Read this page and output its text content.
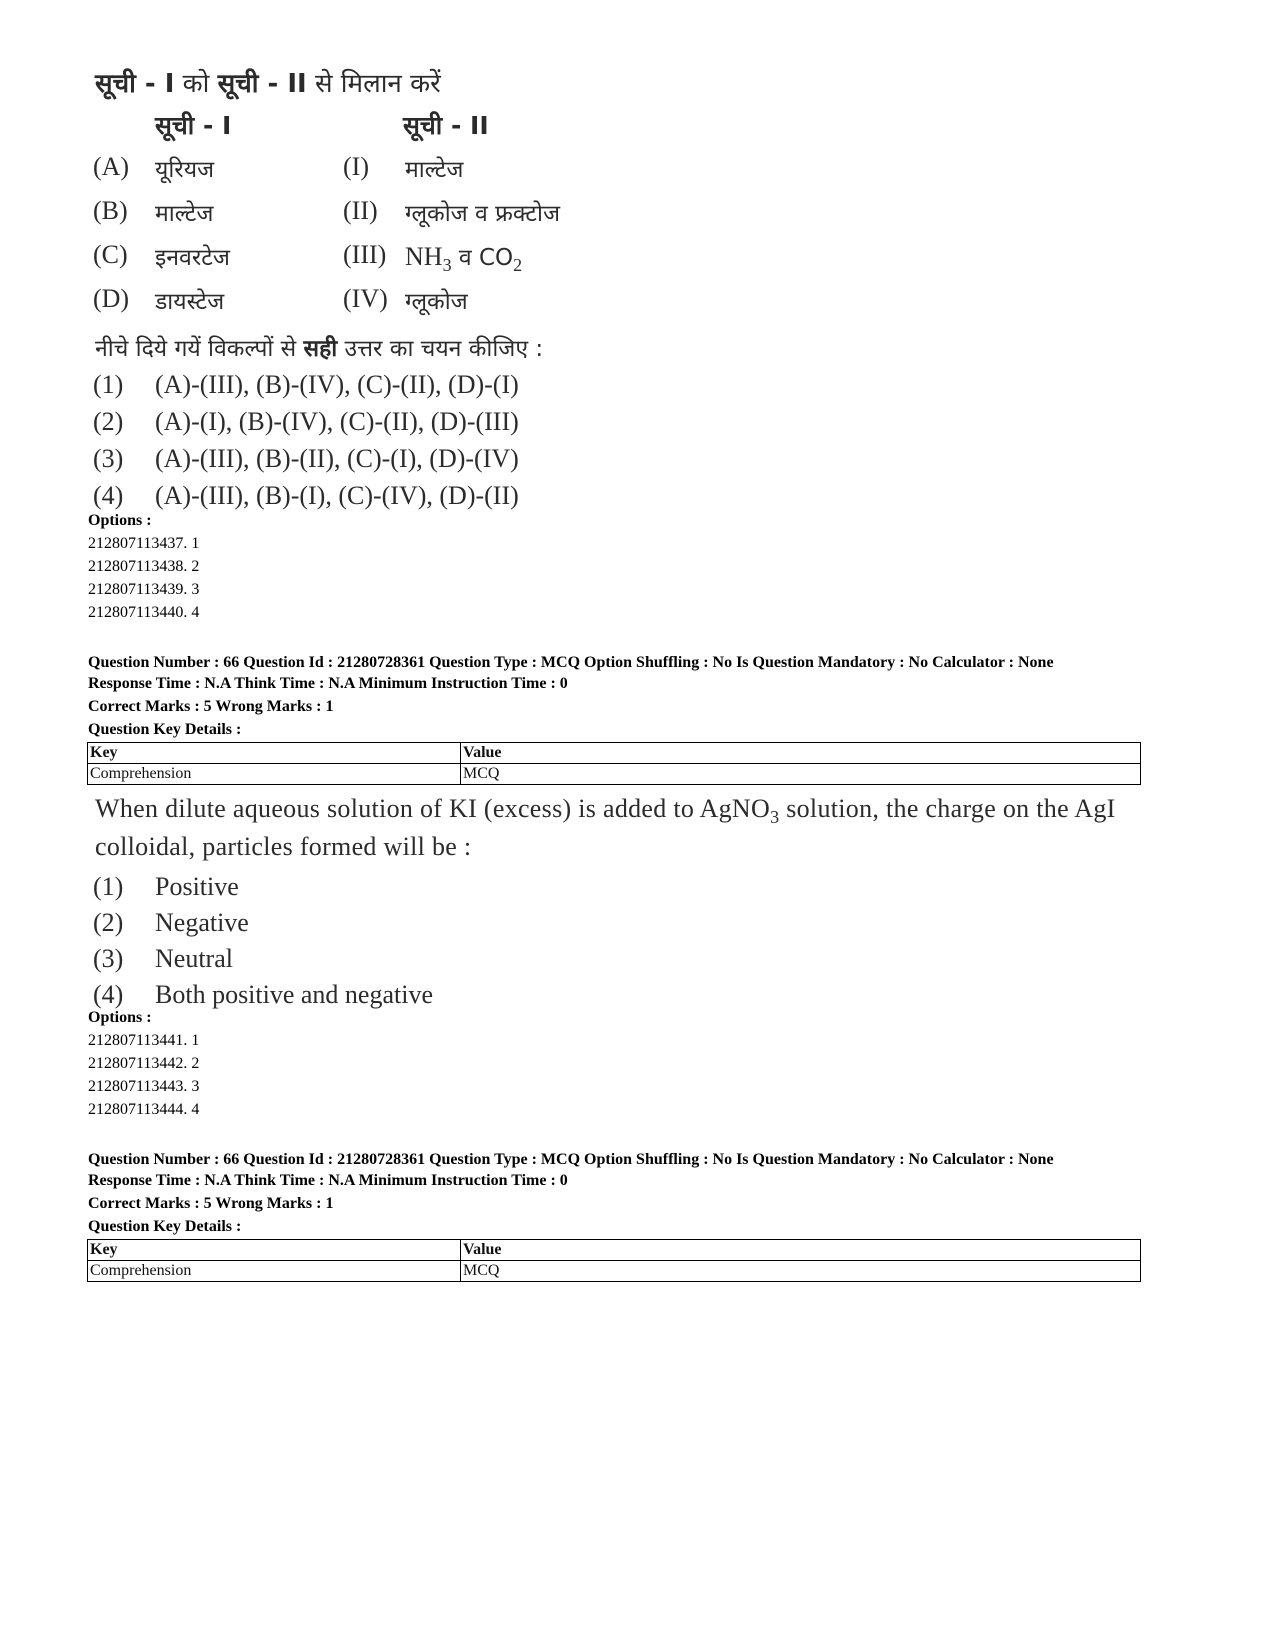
सूची - I को सूची - II से मिलान करें
सूची - I	सूची - II
(A) यूरियज	(I) माल्टेज
(B) माल्टेज	(II) ग्लूकोज व फ्रक्टोज
(C) इनवरटेज	(III) $NH_3$ व $CO_2$
(D) डायस्टेज	(IV) ग्लूकोज
नीचे दिये गयें विकल्पों से सही उत्तर का चयन कीजिए :
(1) (A)-(III), (B)-(IV), (C)-(II), (D)-(I)
(2) (A)-(I), (B)-(IV), (C)-(II), (D)-(III)
(3) (A)-(III), (B)-(II), (C)-(I), (D)-(IV)
(4) (A)-(III), (B)-(I), (C)-(IV), (D)-(II)
Options :
212807113437. 1
212807113438. 2
212807113439. 3
212807113440. 4
Question Number : 66 Question Id : 21280728361 Question Type : MCQ Option Shuffling : No Is Question Mandatory : No Calculator : None
Response Time : N.A Think Time : N.A Minimum Instruction Time : 0
Correct Marks : 5 Wrong Marks : 1
Question Key Details :
Key	Value
Comprehension	MCQ
When dilute aqueous solution of KI (excess) is added to AgNO$_3$ solution, the charge on the AgI
colloidal, particles formed will be :
(1) Positive
(2) Negative
(3) Neutral
(4) Both positive and negative
Options :
212807113441. 1
212807113442. 2
212807113443. 3
212807113444. 4
Question Number : 66 Question Id : 21280728361 Question Type : MCQ Option Shuffling : No Is Question Mandatory : No Calculator : None
Response Time : N.A Think Time : N.A Minimum Instruction Time : 0
Correct Marks : 5 Wrong Marks : 1
Question Key Details :
Key	Value
Comprehension	MCQ
